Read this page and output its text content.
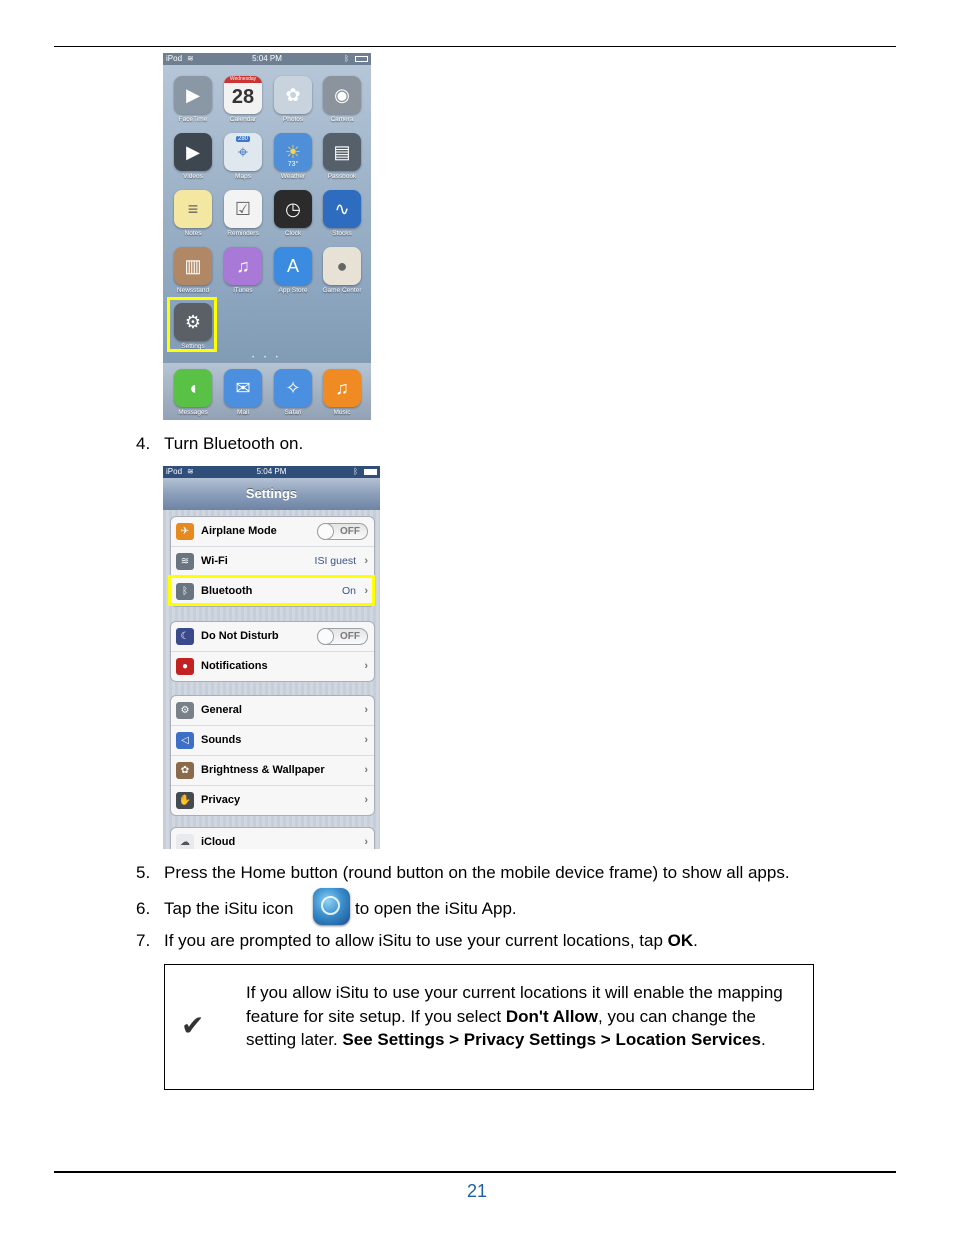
iPod ≋	5:04 PM	ᛒ
▶
FaceTime
Wednesday
28
Calendar
✿
Photos
◉
Camera
▶
Videos
⌖
280
Maps
☀
73°
Weather
▤
Passbook
≡
Notes
☑
Reminders
◷
Clock
∿
Stocks
▥
Newsstand
♫
iTunes
A
App Store
●
Game Center
⚙
Settings
• • •
◖
Messages
✉
Mail
✧
Safari
♫
Music
4. Turn Bluetooth on.
iPod ≋	5:04 PM	ᛒ
Settings
✈	Airplane Mode	OFF
≋	Wi-Fi	ISI guest ›
ᛒ	Bluetooth	On ›
☾	Do Not Disturb	OFF
●	Notifications	›
⚙	General	›
◁	Sounds	›
✿	Brightness & Wallpaper	›
✋ Privacy	›
☁	iCloud	›
5. Press the Home button (round button on the mobile device frame) to show all apps.
6. Tap the iSitu icon	to open the iSitu App.
7. If you are prompted to allow iSitu to use your current locations, tap OK.
✔
If you allow iSitu to use your current locations it will enable the mapping feature for site setup. If you select Don't Allow, you can change the setting later. See Settings > Privacy Settings > Location Services.
21
